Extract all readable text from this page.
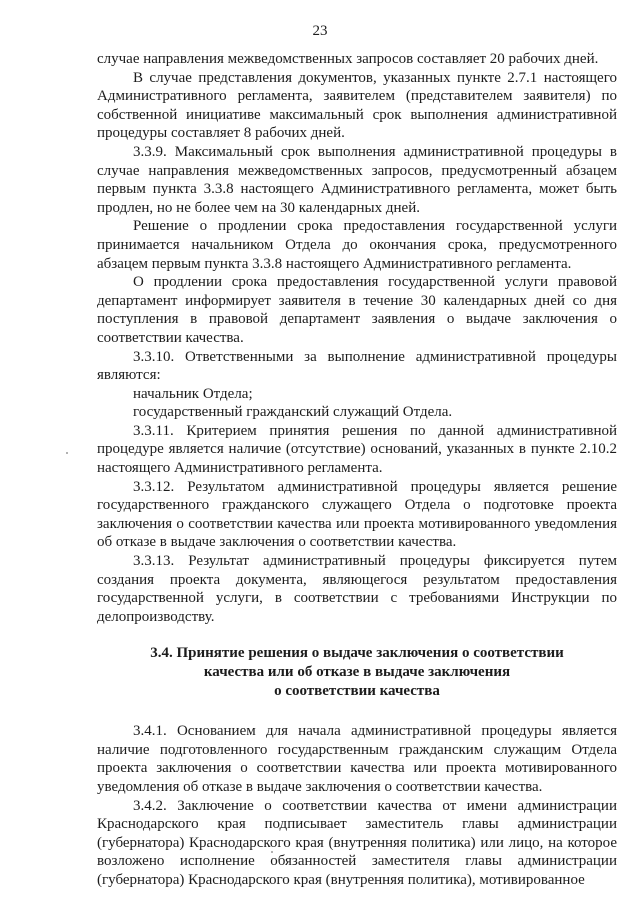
23

случае направления межведомственных запросов составляет 20 рабочих дней.

В случае представления документов, указанных пункте 2.7.1 настоящего Административного регламента, заявителем (представителем заявителя) по собственной инициативе максимальный срок выполнения административной процедуры составляет 8 рабочих дней.

3.3.9. Максимальный срок выполнения административной процедуры в случае направления межведомственных запросов, предусмотренный абзацем первым пункта 3.3.8 настоящего Административного регламента, может быть продлен, но не более чем на 30 календарных дней.

Решение о продлении срока предоставления государственной услуги принимается начальником Отдела до окончания срока, предусмотренного абзацем первым пункта 3.3.8 настоящего Административного регламента.

О продлении срока предоставления государственной услуги правовой департамент информирует заявителя в течение 30 календарных дней со дня поступления в правовой департамент заявления о выдаче заключения о соответствии качества.

3.3.10. Ответственными за выполнение административной процедуры являются:

начальник Отдела;

государственный гражданский служащий Отдела.

3.3.11. Критерием принятия решения по данной административной процедуре является наличие (отсутствие) оснований, указанных в пункте 2.10.2 настоящего Административного регламента.

3.3.12. Результатом административной процедуры является решение государственного гражданского служащего Отдела о подготовке проекта заключения о соответствии качества или проекта мотивированного уведомления об отказе в выдаче заключения о соответствии качества.

3.3.13. Результат административный процедуры фиксируется путем создания проекта документа, являющегося результатом предоставления государственной услуги, в соответствии с требованиями Инструкции по делопроизводству.

3.4. Принятие решения о выдаче заключения о соответствии
качества или об отказе в выдаче заключения
о соответствии качества

3.4.1. Основанием для начала административной процедуры является наличие подготовленного государственным гражданским служащим Отдела проекта заключения о соответствии качества или проекта мотивированного уведомления об отказе в выдаче заключения о соответствии качества.

3.4.2. Заключение о соответствии качества от имени администрации Краснодарского края подписывает заместитель главы администрации (губернатора) Краснодарского края (внутренняя политика) или лицо, на которое возложено исполнение обязанностей заместителя главы администрации (губернатора) Краснодарского края (внутренняя политика), мотивированное
